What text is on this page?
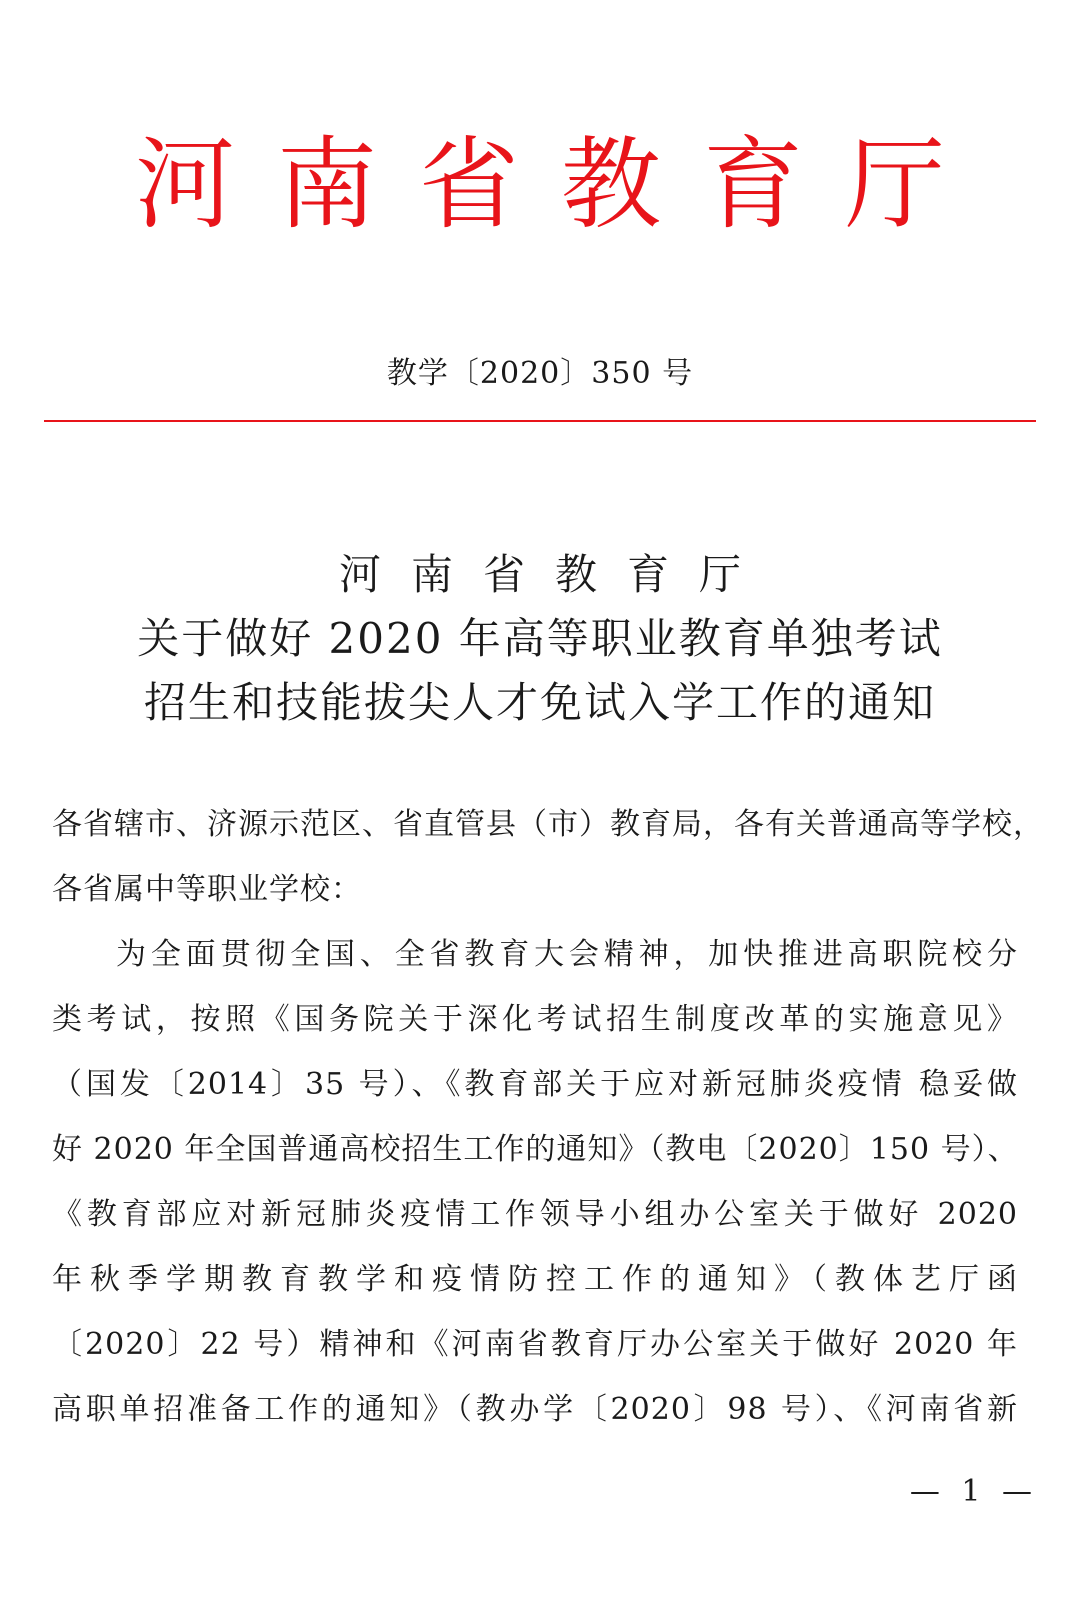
河南省教育厅
教学〔2020〕350 号
河南省教育厅
关于做好 2020 年高等职业教育单独考试
招生和技能拔尖人才免试入学工作的通知

各省辖市、济源示范区、省直管县（市）教育局，各有关普通高等学校，
各省属中等职业学校：

为全面贯彻全国、全省教育大会精神，加快推进高职院校分
类考试，按照《国务院关于深化考试招生制度改革的实施意见》
（国发〔2014〕35 号）、《教育部关于应对新冠肺炎疫情 稳妥做
好 2020 年全国普通高校招生工作的通知》（教电〔2020〕150 号）、
《教育部应对新冠肺炎疫情工作领导小组办公室关于做好 2020
年秋季学期教育教学和疫情防控工作的通知》（教体艺厅函
〔2020〕22 号）精神和《河南省教育厅办公室关于做好 2020 年
高职单招准备工作的通知》（教办学〔2020〕98 号）、《河南省新

— 1 —
